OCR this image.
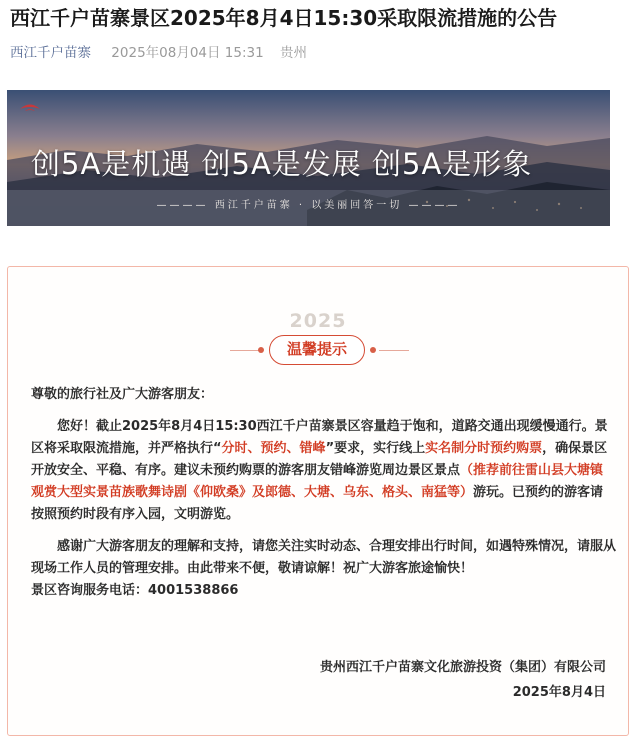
西江千户苗寨景区2025年8月4日15:30采取限流措施的公告
西江千户苗寨 2025年08月04日 15:31 贵州
创5A是机遇 创5A是发展 创5A是形象
———— 西江千户苗寨 · 以美丽回答一切 ————
2025
温馨提示

尊敬的旅行社及广大游客朋友：

您好！截止2025年8月4日15:30西江千户苗寨景区容量趋于饱和，道路交通出现缓慢通行。景区将采取限流措施，并严格执行“分时、预约、错峰”要求，实行线上实名制分时预约购票，确保景区开放安全、平稳、有序。建议未预约购票的游客朋友错峰游览周边景区景点（推荐前往雷山县大塘镇观赏大型实景苗族歌舞诗剧《仰欧桑》及郎德、大塘、乌东、格头、南猛等）游玩。已预约的游客请按照预约时段有序入园，文明游览。

感谢广大游客朋友的理解和支持，请您关注实时动态、合理安排出行时间，如遇特殊情况，请服从现场工作人员的管理安排。由此带来不便，敬请谅解！祝广大游客旅途愉快！

景区咨询服务电话：4001538866

贵州西江千户苗寨文化旅游投资（集团）有限公司
2025年8月4日
